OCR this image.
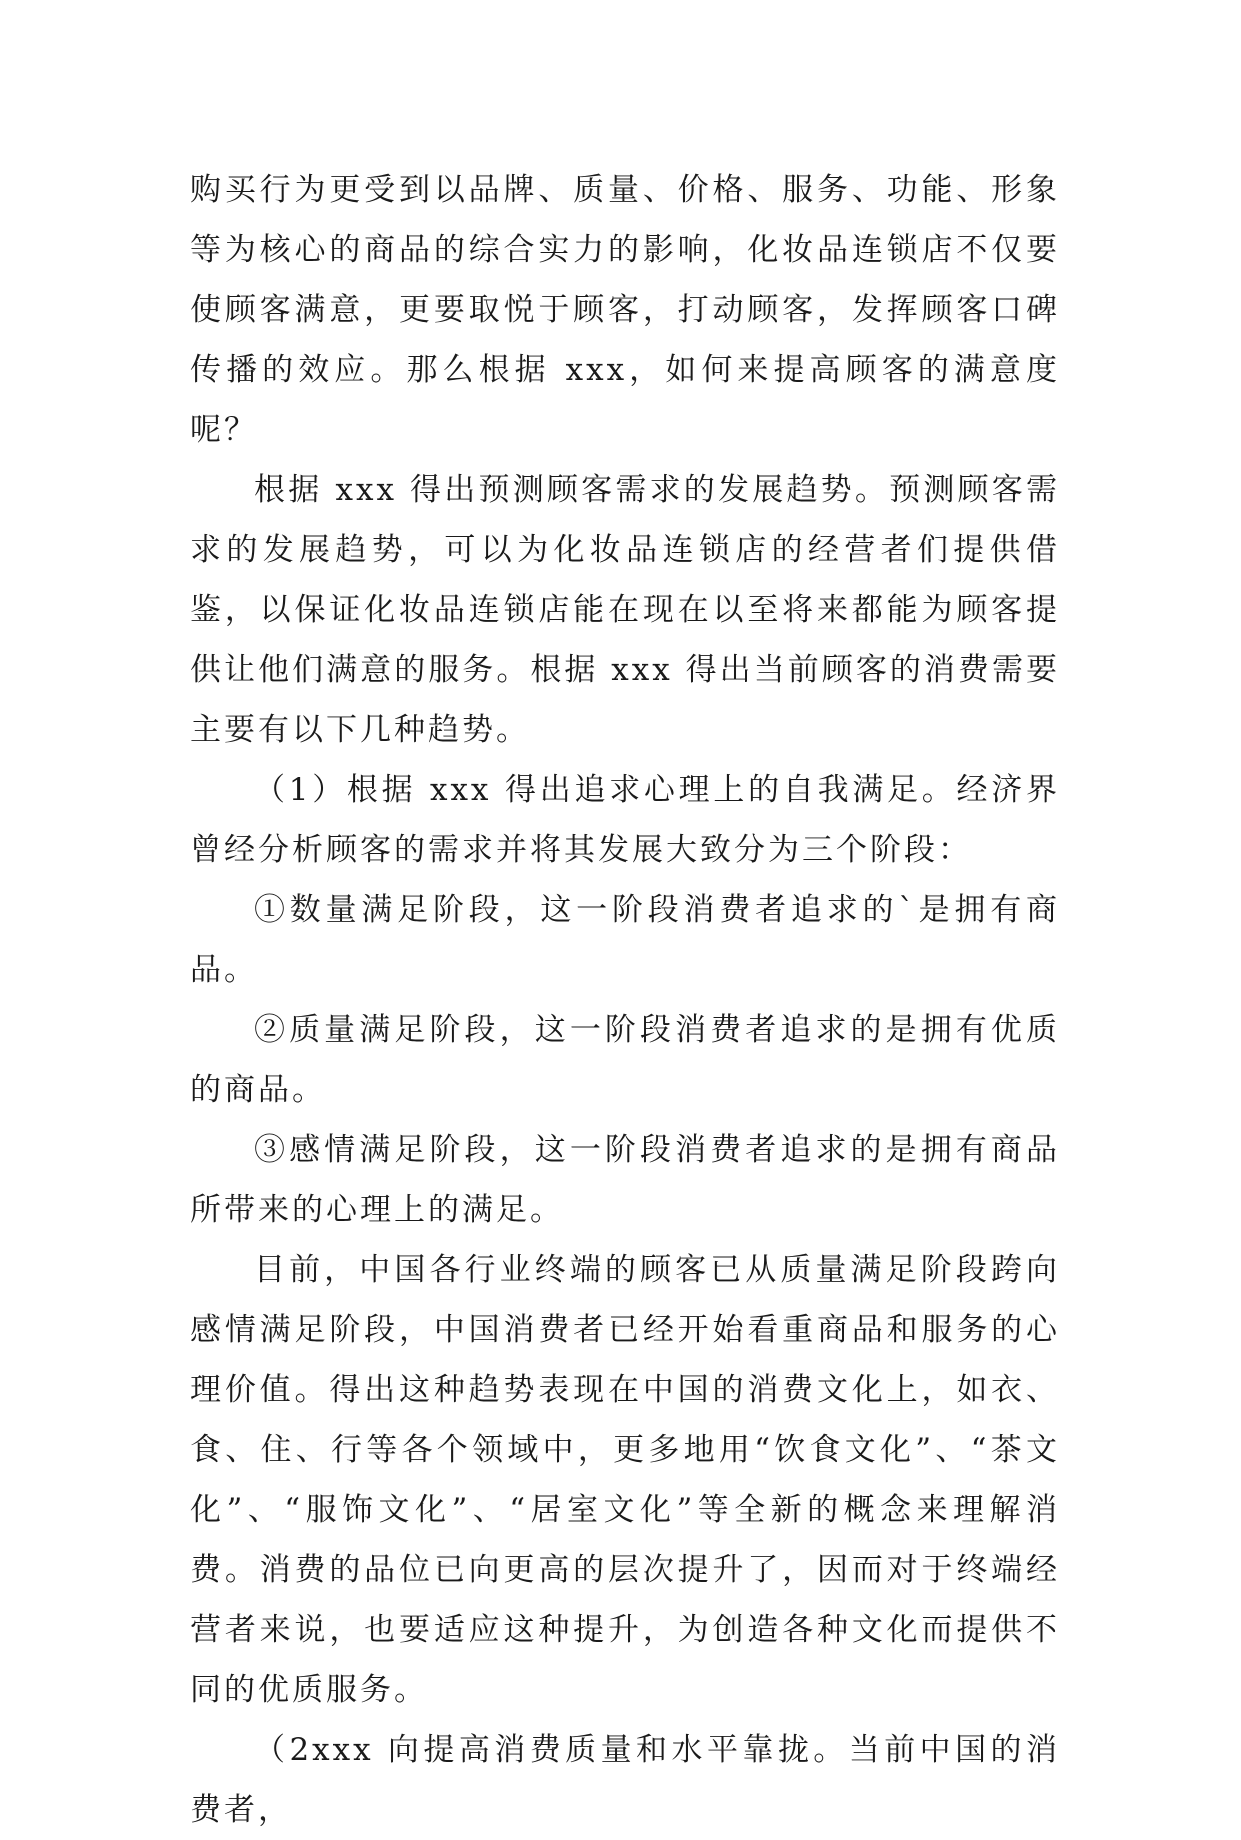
购买行为更受到以品牌、质量、价格、服务、功能、形象等为核心的商品的综合实力的影响，化妆品连锁店不仅要使顾客满意，更要取悦于顾客，打动顾客，发挥顾客口碑传播的效应。那么根据 xxx，如何来提高顾客的满意度呢？

根据 xxx 得出预测顾客需求的发展趋势。预测顾客需求的发展趋势，可以为化妆品连锁店的经营者们提供借鉴，以保证化妆品连锁店能在现在以至将来都能为顾客提供让他们满意的服务。根据 xxx 得出当前顾客的消费需要主要有以下几种趋势。

（1）根据 xxx 得出追求心理上的自我满足。经济界曾经分析顾客的需求并将其发展大致分为三个阶段：

①数量满足阶段，这一阶段消费者追求的`是拥有商品。

②质量满足阶段，这一阶段消费者追求的是拥有优质的商品。

③感情满足阶段，这一阶段消费者追求的是拥有商品所带来的心理上的满足。

目前，中国各行业终端的顾客已从质量满足阶段跨向感情满足阶段，中国消费者已经开始看重商品和服务的心理价值。得出这种趋势表现在中国的消费文化上，如衣、食、住、行等各个领域中，更多地用“饮食文化”、“茶文化”、“服饰文化”、“居室文化”等全新的概念来理解消费。消费的品位已向更高的层次提升了，因而对于终端经营者来说，也要适应这种提升，为创造各种文化而提供不同的优质服务。

（2xxx 向提高消费质量和水平靠拢。当前中国的消费者，
